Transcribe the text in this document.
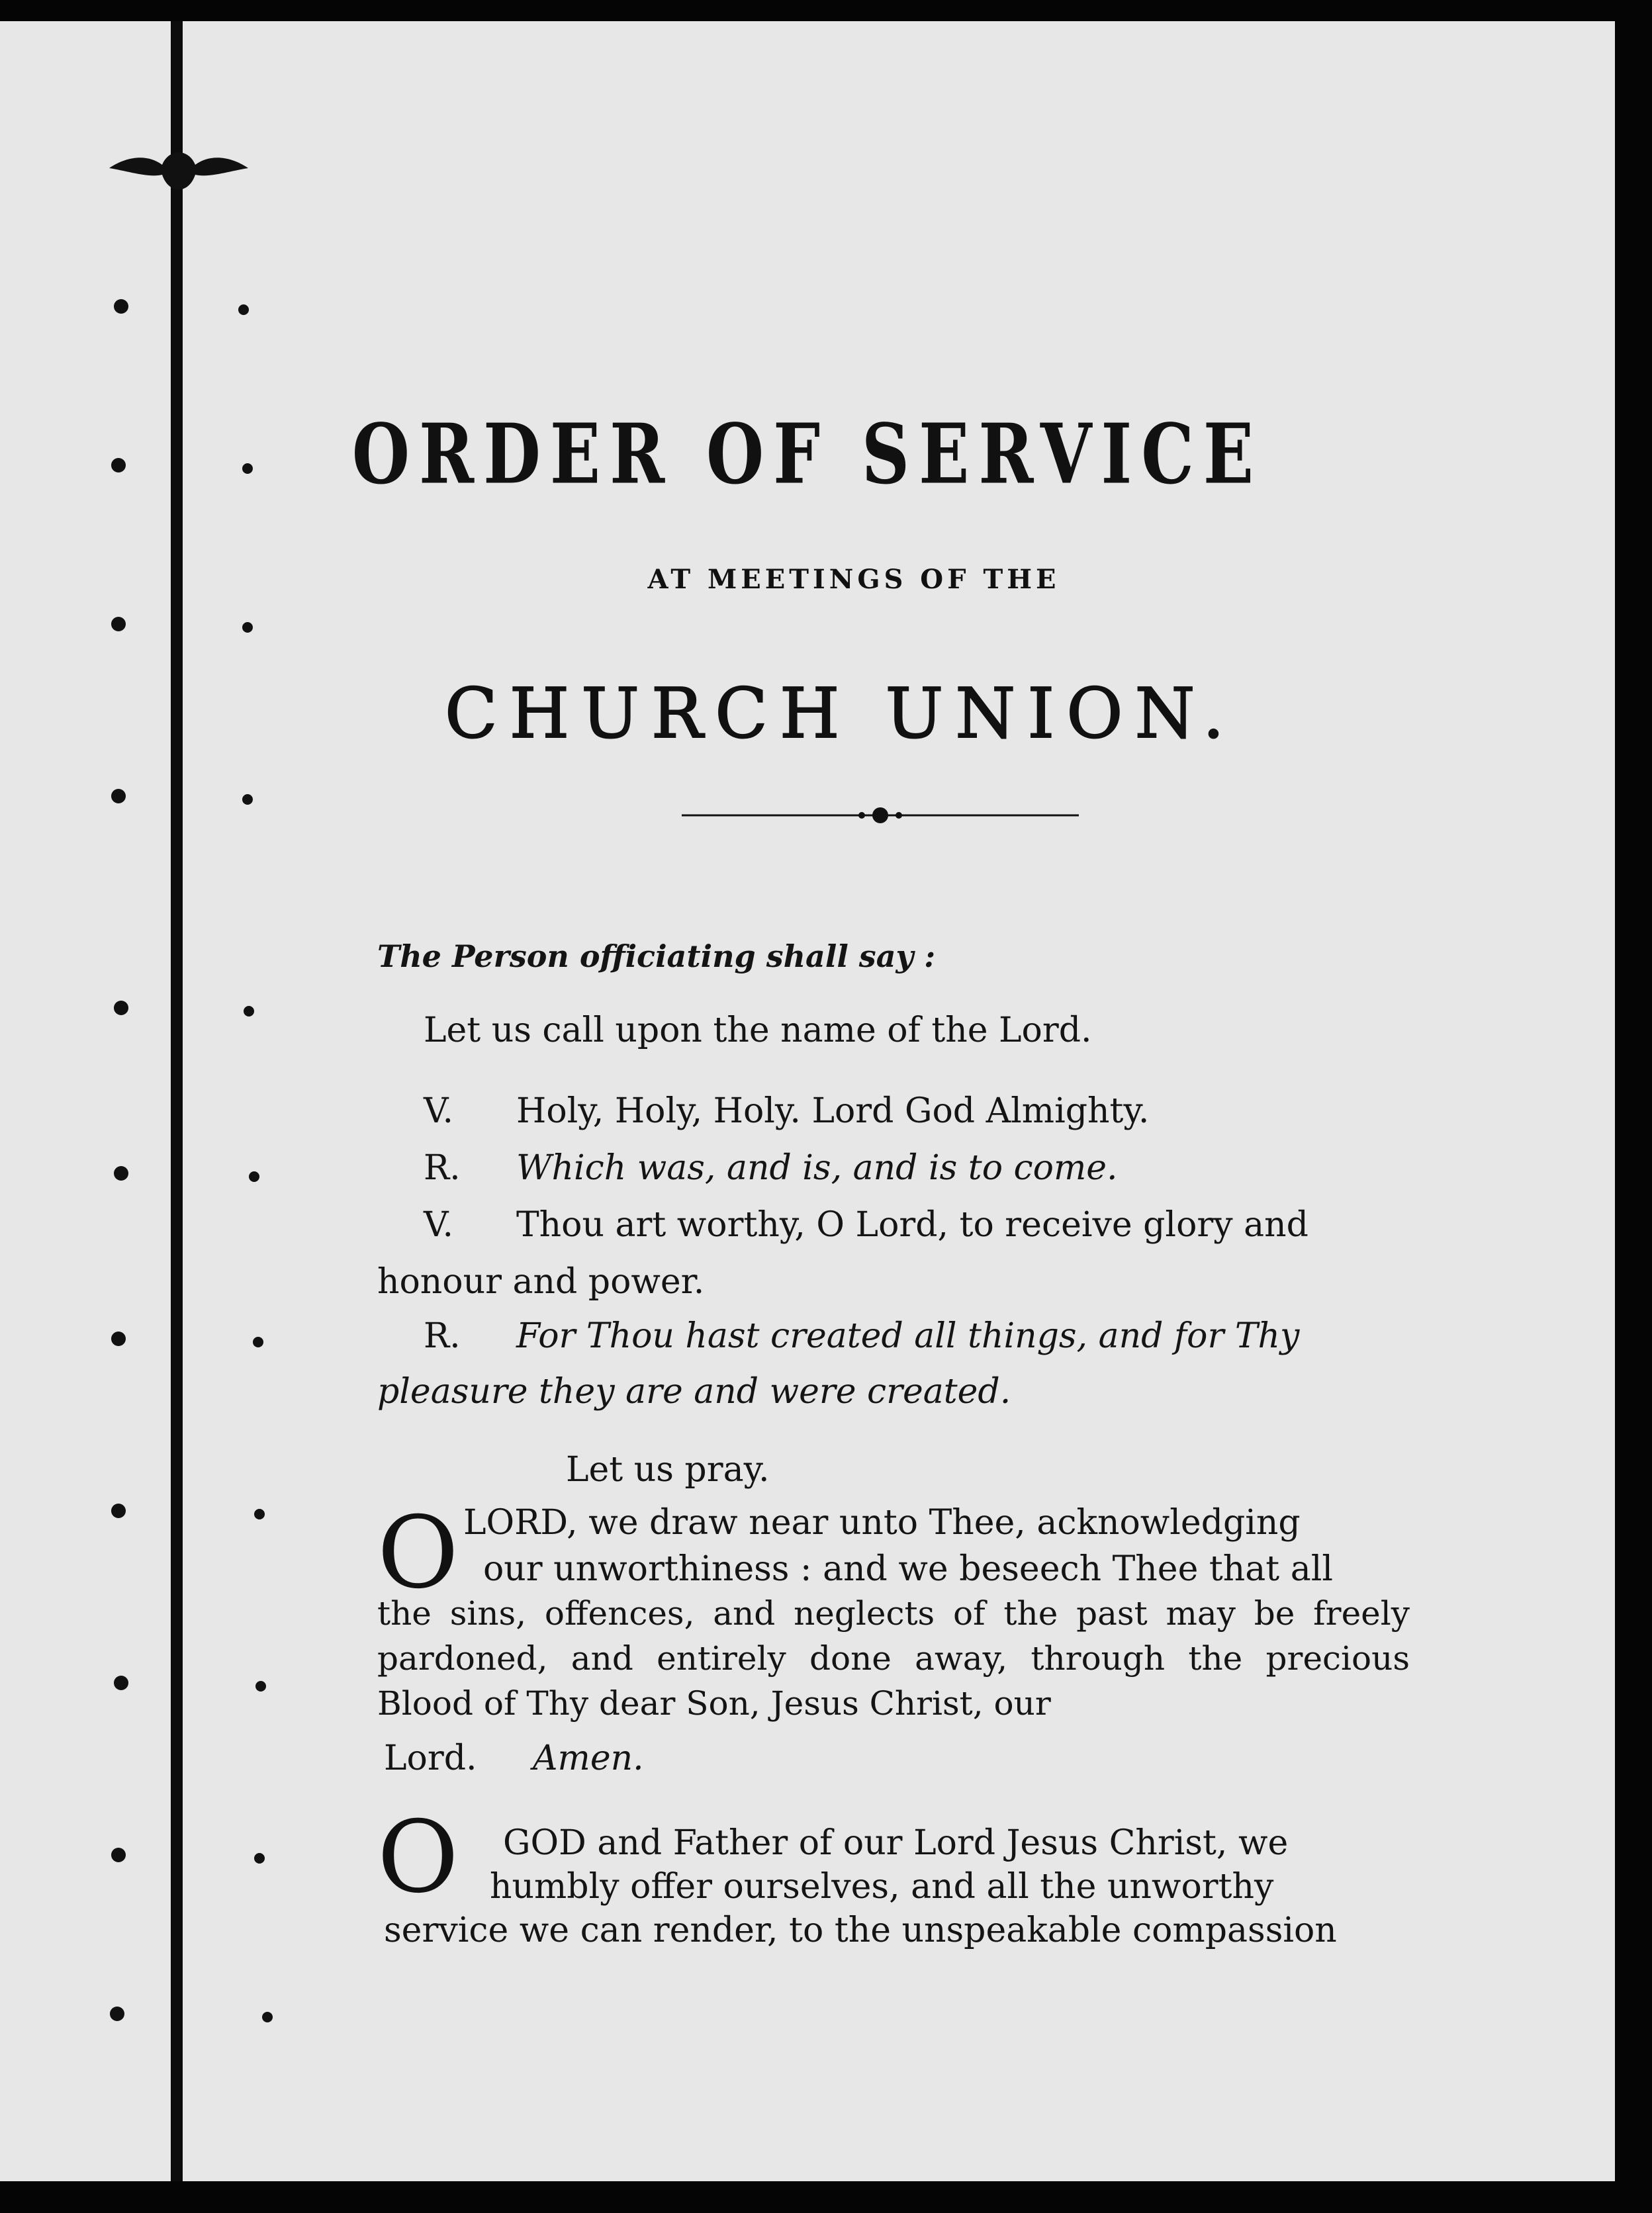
ORDER OF SERVICE
AT MEETINGS OF THE
CHURCH UNION.
The Person officiating shall say :
Let us call upon the name of the Lord.
V. Holy, Holy, Holy. Lord God Almighty.
R. Which was, and is, and is to come.
V. Thou art worthy, O Lord, to receive glory and
honour and power.
R. For Thou hast created all things, and for Thy
pleasure they are and were created.
Let us pray.
O LORD, we draw near unto Thee, acknowledging
our unworthiness : and we beseech Thee that all
the sins, offences, and neglects of the past may be freely pardoned, and entirely done away, through the precious Blood of Thy dear Son, Jesus Christ, our
Lord. Amen.
O GOD and Father of our Lord Jesus Christ, we
humbly offer ourselves, and all the unworthy
service we can render, to the unspeakable compassion
